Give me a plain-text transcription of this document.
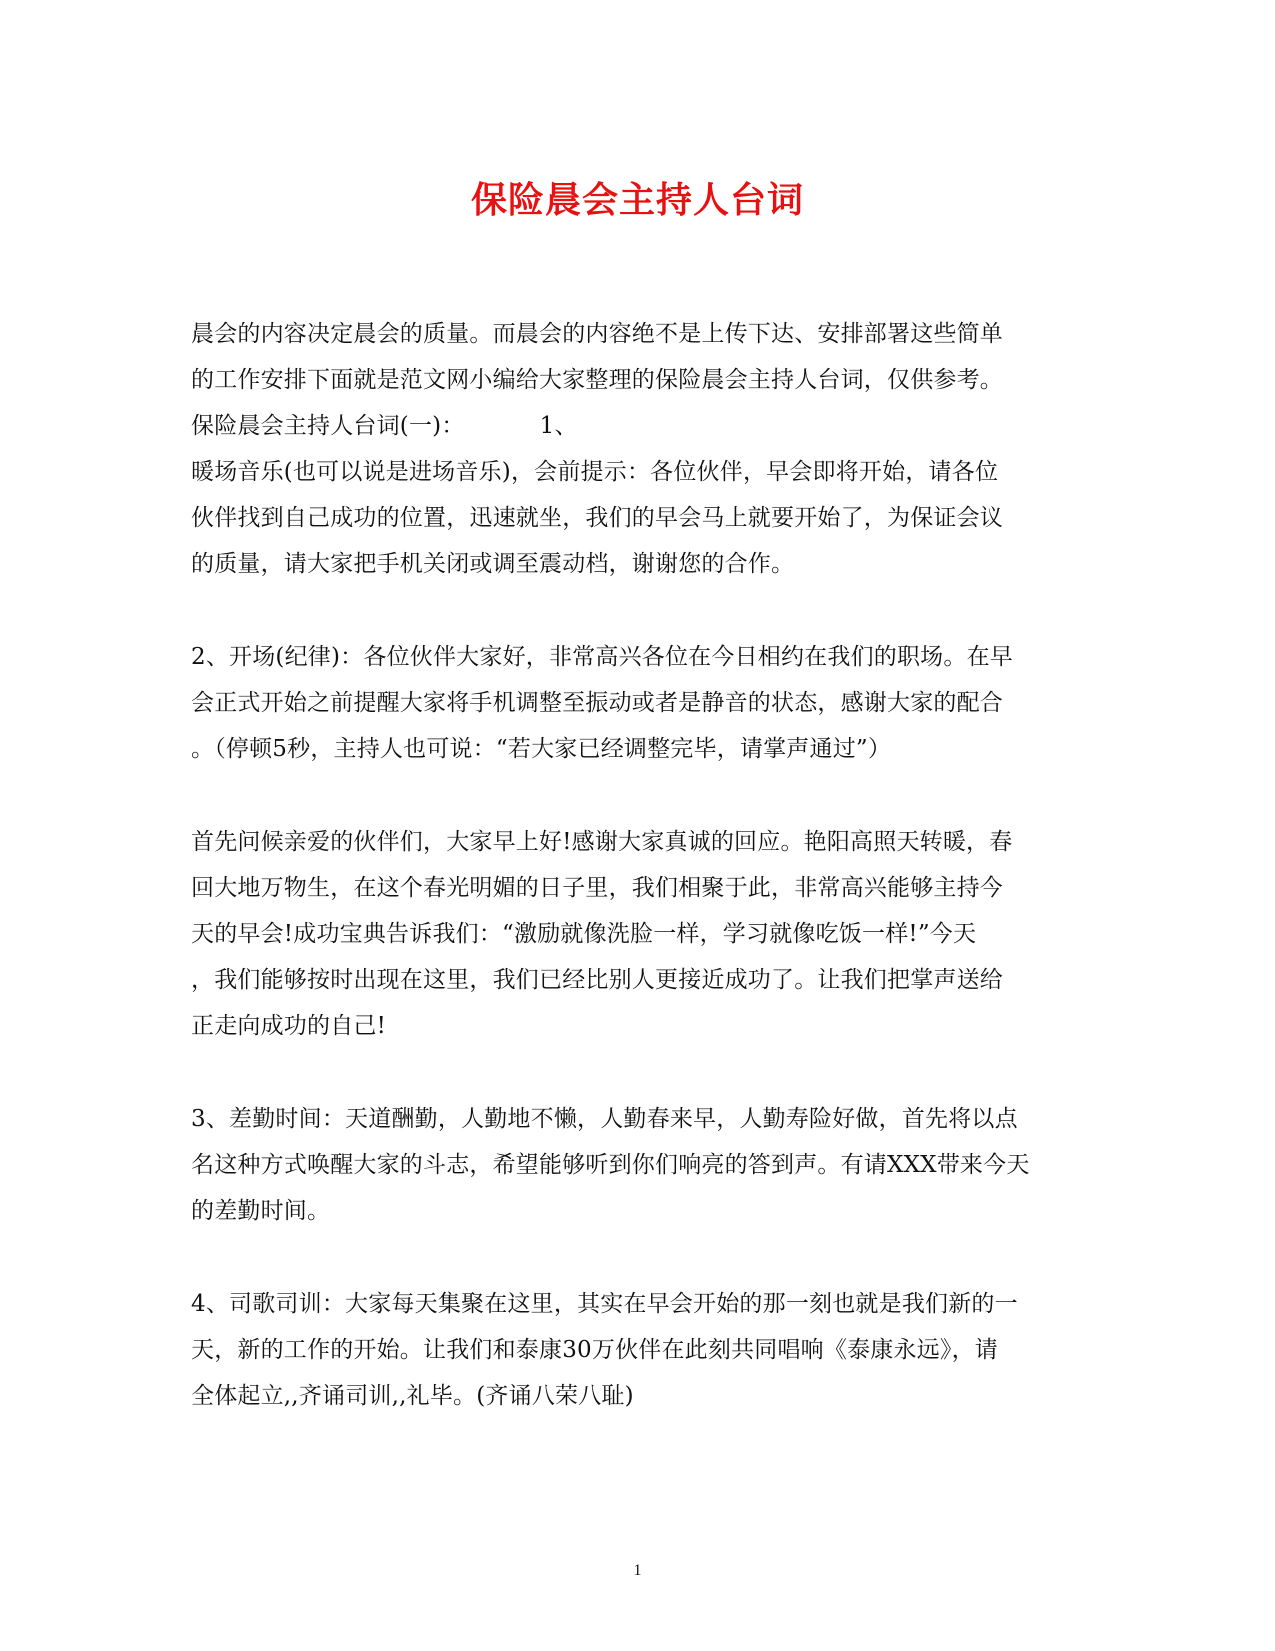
保险晨会主持人台词
晨会的内容决定晨会的质量。而晨会的内容绝不是上传下达、安排部署这些简单
的工作安排下面就是范文网小编给大家整理的保险晨会主持人台词，仅供参考。
保险晨会主持人台词(一)：          1、
暖场音乐(也可以说是进场音乐)，会前提示：各位伙伴，早会即将开始，请各位
伙伴找到自己成功的位置，迅速就坐，我们的早会马上就要开始了，为保证会议
的质量，请大家把手机关闭或调至震动档，谢谢您的合作。
2、开场(纪律)：各位伙伴大家好，非常高兴各位在今日相约在我们的职场。在早
会正式开始之前提醒大家将手机调整至振动或者是静音的状态，感谢大家的配合
。（停顿5秒，主持人也可说：“若大家已经调整完毕，请掌声通过”）
首先问候亲爱的伙伴们，大家早上好!感谢大家真诚的回应。艳阳高照天转暖，春
回大地万物生，在这个春光明媚的日子里，我们相聚于此，非常高兴能够主持今
天的早会!成功宝典告诉我们：“激励就像洗脸一样，学习就像吃饭一样!”今天
，我们能够按时出现在这里，我们已经比别人更接近成功了。让我们把掌声送给
正走向成功的自己!
3、差勤时间：天道酬勤，人勤地不懒，人勤春来早，人勤寿险好做，首先将以点
名这种方式唤醒大家的斗志，希望能够听到你们响亮的答到声。有请XXX带来今天
的差勤时间。
4、司歌司训：大家每天集聚在这里，其实在早会开始的那一刻也就是我们新的一
天，新的工作的开始。让我们和泰康30万伙伴在此刻共同唱响《泰康永远》，请
全体起立,,齐诵司训,,礼毕。(齐诵八荣八耻)
1
